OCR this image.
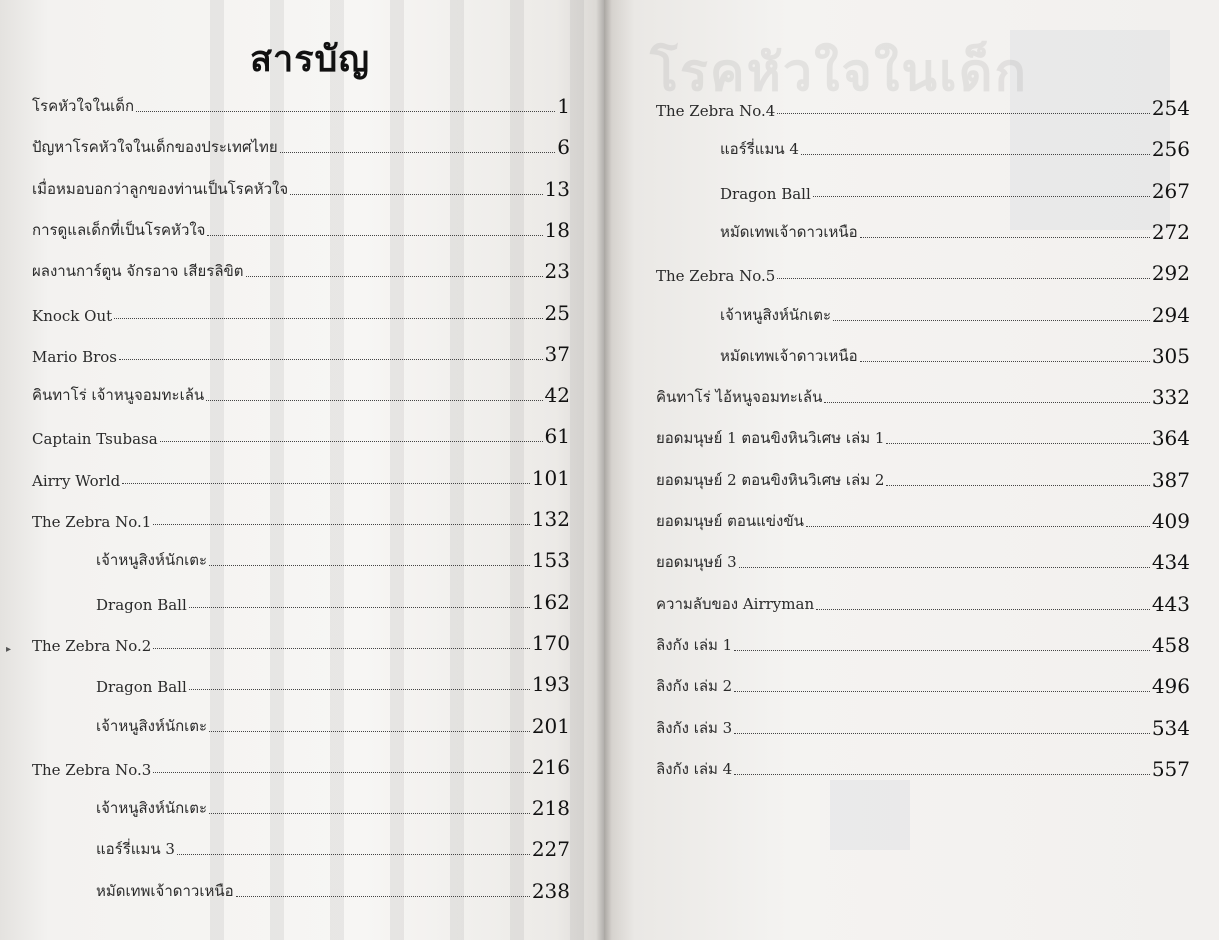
โรคหัวใจในเด็ก
สารบัญ
▸
โรคหัวใจในเด็ก	1
ปัญหาโรคหัวใจในเด็กของประเทศไทย	6
เมื่อหมอบอกว่าลูกของท่านเป็นโรคหัวใจ	13
การดูแลเด็กที่เป็นโรคหัวใจ	18
ผลงานการ์ตูน จักรอาจ เสียรลิขิต	23
Knock Out	25
Mario Bros	37
คินทาโร่ เจ้าหนูจอมทะเล้น	42
Captain Tsubasa	61
Airry World	101
The Zebra No.1	132
เจ้าหนูสิงห์นักเตะ	153
Dragon Ball	162
The Zebra No.2	170
Dragon Ball	193
เจ้าหนูสิงห์นักเตะ	201
The Zebra No.3	216
เจ้าหนูสิงห์นักเตะ	218
แอร์รี่แมน 3	227
หมัดเทพเจ้าดาวเหนือ	238
The Zebra No.4	254
แอร์รี่แมน 4	256
Dragon Ball	267
หมัดเทพเจ้าดาวเหนือ	272
The Zebra No.5	292
เจ้าหนูสิงห์นักเตะ	294
หมัดเทพเจ้าดาวเหนือ	305
คินทาโร่ ไอ้หนูจอมทะเล้น	332
ยอดมนุษย์ 1 ตอนขิงหินวิเศษ เล่ม 1	364
ยอดมนุษย์ 2 ตอนขิงหินวิเศษ เล่ม 2	387
ยอดมนุษย์ ตอนแข่งขัน	409
ยอดมนุษย์ 3	434
ความลับของ Airryman	443
ลิงกัง เล่ม 1	458
ลิงกัง เล่ม 2	496
ลิงกัง เล่ม 3	534
ลิงกัง เล่ม 4	557
